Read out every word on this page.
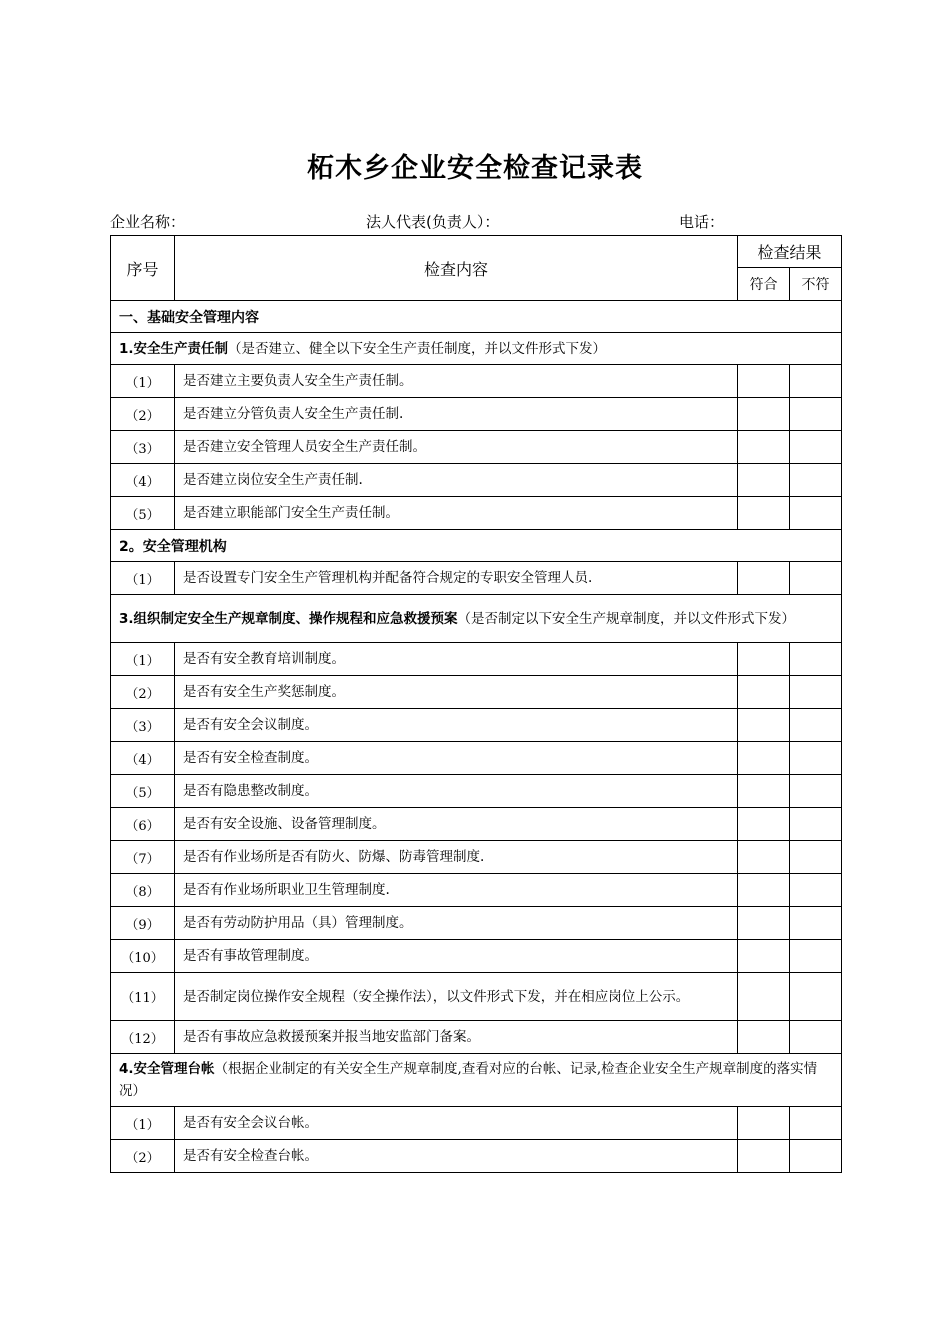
柘木乡企业安全检查记录表
企业名称：	法人代表(负责人）：	电话：
序号	检查内容	检查结果	
		符合	不符
一、基础安全管理内容			
1.安全生产责任制（是否建立、健全以下安全生产责任制度，并以文件形式下发）			
（1）	是否建立主要负责人安全生产责任制。		
（2）	是否建立分管负责人安全生产责任制.		
（3）	是否建立安全管理人员安全生产责任制。		
（4）	是否建立岗位安全生产责任制.		
（5）	是否建立职能部门安全生产责任制。		
2。安全管理机构			
（1）	是否设置专门安全生产管理机构并配备符合规定的专职安全管理人员.		
3.组织制定安全生产规章制度、操作规程和应急救援预案（是否制定以下安全生产规章制度，并以文件形式下发）			
（1）	是否有安全教育培训制度。		
（2）	是否有安全生产奖惩制度。		
（3）	是否有安全会议制度。		
（4）	是否有安全检查制度。		
（5）	是否有隐患整改制度。		
（6）	是否有安全设施、设备管理制度。		
（7）	是否有作业场所是否有防火、防爆、防毒管理制度.		
（8）	是否有作业场所职业卫生管理制度.		
（9）	是否有劳动防护用品（具）管理制度。		
（10）	是否有事故管理制度。		
（11）	是否制定岗位操作安全规程（安全操作法），以文件形式下发，并在相应岗位上公示。		
（12）	是否有事故应急救援预案并报当地安监部门备案。		
4.安全管理台帐（根据企业制定的有关安全生产规章制度,查看对应的台帐、记录,检查企业安全生产规章制度的落实情况）			
（1）	是否有安全会议台帐。		
（2）	是否有安全检查台帐。		
